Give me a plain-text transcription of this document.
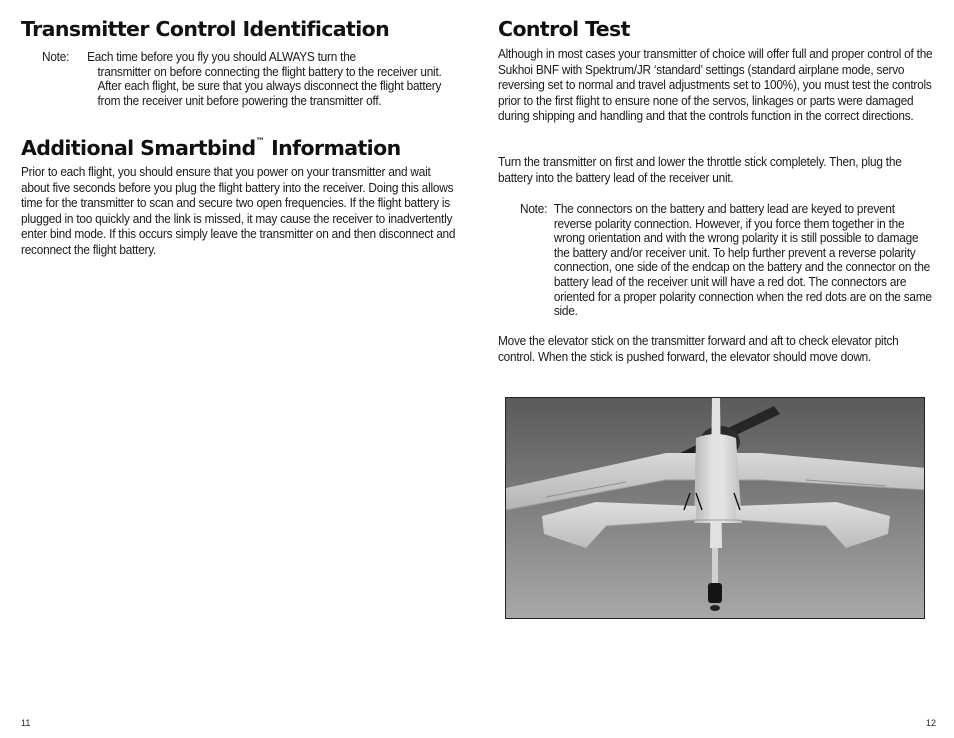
Transmitter Control Identification
Note:	Each time before you fly you should ALWAYS turn the
transmitter on before connecting the flight battery to the receiver unit. After each flight, be sure that you always disconnect the flight battery from the receiver unit before powering the transmitter off.
Additional Smartbind™ Information

Prior to each flight, you should ensure that you power on your transmitter and wait about five seconds before you plug the flight battery into the receiver. Doing this allows time for the transmitter to scan and secure two open frequencies. If the flight battery is plugged in too quickly and the link is missed, it may cause the receiver to inadvertently enter bind mode. If this occurs simply leave the transmitter on and then disconnect and reconnect the flight battery.

11
Control Test

Although in most cases your transmitter of choice will offer full and proper control of the Sukhoi BNF with Spektrum/JR ‘standard’ settings (standard airplane mode, servo reversing set to normal and travel adjustments set to 100%), you must test the controls prior to the first flight to ensure none of the servos, linkages or parts were damaged during shipping and handling and that the controls function in the correct directions.

Turn the transmitter on first and lower the throttle stick completely. Then, plug the battery into the battery lead of the receiver unit.

Note: The connectors on the battery and battery lead are keyed to prevent reverse polarity connection. However, if you force them together in the wrong orientation and with the wrong polarity it is still possible to damage the battery and/or receiver unit. To help further prevent a reverse polarity connection, one side of the endcap on the battery and the connector on the battery lead of the receiver unit will have a red dot. The connectors are oriented for a proper polarity connection when the red dots are on the same side.

Move the elevator stick on the transmitter forward and aft to check elevator pitch control. When the stick is pushed forward, the elevator should move down.

12
